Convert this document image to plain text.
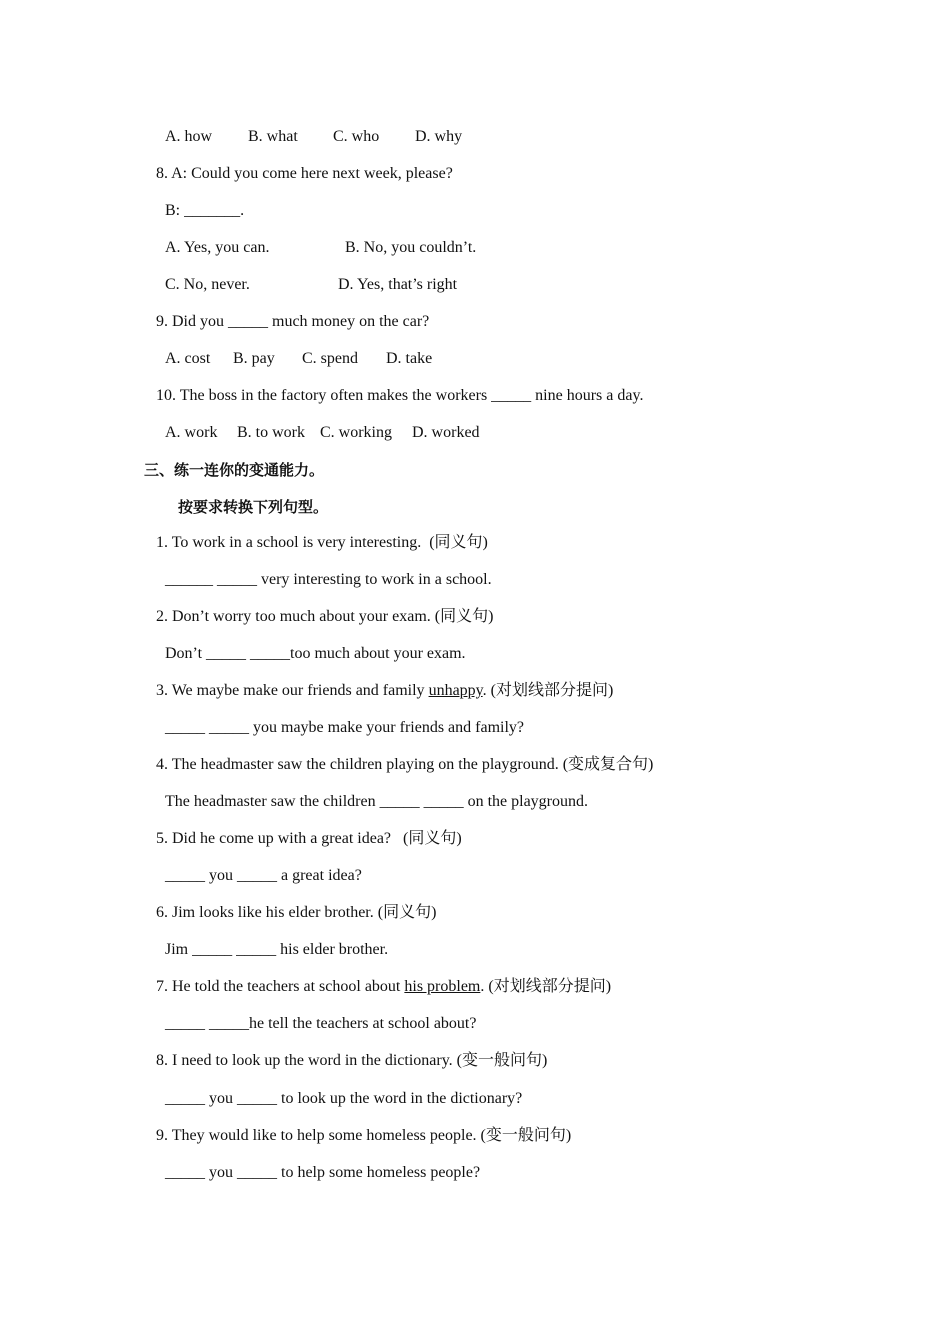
A. how B. what C. who D. why
8. A: Could you come here next week, please?
B: _______.
A. Yes, you can.	B. No, you couldn’t.
C. No, never.	D. Yes, that’s right
9. Did you _____ much money on the car?
A. cost B. pay C. spend D. take
10. The boss in the factory often makes the workers _____ nine hours a day.
A. work B. to work C. working D. worked
三、练一连你的变通能力。
按要求转换下列句型。
1. To work in a school is very interesting.  (同义句)
______ _____ very interesting to work in a school.
2. Don’t worry too much about your exam. (同义句)
Don’t _____ _____too much about your exam.
3. We maybe make our friends and family unhappy. (对划线部分提问)
_____ _____ you maybe make your friends and family?
4. The headmaster saw the children playing on the playground. (变成复合句)
The headmaster saw the children _____ _____ on the playground.
5. Did he come up with a great idea?   (同义句)
_____ you _____ a great idea?
6. Jim looks like his elder brother. (同义句)
Jim _____ _____ his elder brother.
7. He told the teachers at school about his problem. (对划线部分提问)
_____ _____he tell the teachers at school about?
8. I need to look up the word in the dictionary. (变一般问句)
_____ you _____ to look up the word in the dictionary?
9. They would like to help some homeless people. (变一般问句)
_____ you _____ to help some homeless people?
